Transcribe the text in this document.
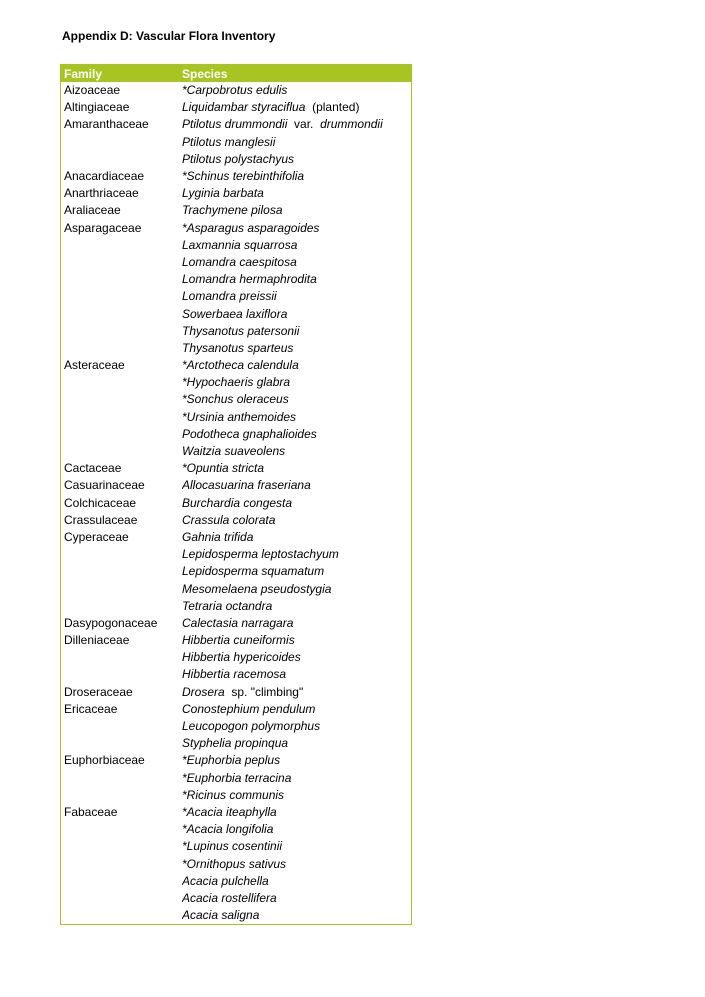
Appendix D: Vascular Flora Inventory
Family	Species
Aizoaceae	*Carpobrotus edulis
Altingiaceae	Liquidambar styraciflua  (planted)
Amaranthaceae	Ptilotus drummondii  var.  drummondii
Ptilotus manglesii
Ptilotus polystachyus
Anacardiaceae	*Schinus terebinthifolia
Anarthriaceae	Lyginia barbata
Araliaceae	Trachymene pilosa
Asparagaceae	*Asparagus asparagoides
Laxmannia squarrosa
Lomandra caespitosa
Lomandra hermaphrodita
Lomandra preissii
Sowerbaea laxiflora
Thysanotus patersonii
Thysanotus sparteus
Asteraceae	*Arctotheca calendula
*Hypochaeris glabra
*Sonchus oleraceus
*Ursinia anthemoides
Podotheca gnaphalioides
Waitzia suaveolens
Cactaceae	*Opuntia stricta
Casuarinaceae	Allocasuarina fraseriana
Colchicaceae	Burchardia congesta
Crassulaceae	Crassula colorata
Cyperaceae	Gahnia trifida
Lepidosperma leptostachyum
Lepidosperma squamatum
Mesomelaena pseudostygia
Tetraria octandra
Dasypogonaceae	Calectasia narragara
Dilleniaceae	Hibbertia cuneiformis
Hibbertia hypericoides
Hibbertia racemosa
Droseraceae	Drosera  sp. "climbing"
Ericaceae	Conostephium pendulum
Leucopogon polymorphus
Styphelia propinqua
Euphorbiaceae	*Euphorbia peplus
*Euphorbia terracina
*Ricinus communis
Fabaceae	*Acacia iteaphylla
*Acacia longifolia
*Lupinus cosentinii
*Ornithopus sativus
Acacia pulchella
Acacia rostellifera
Acacia saligna
